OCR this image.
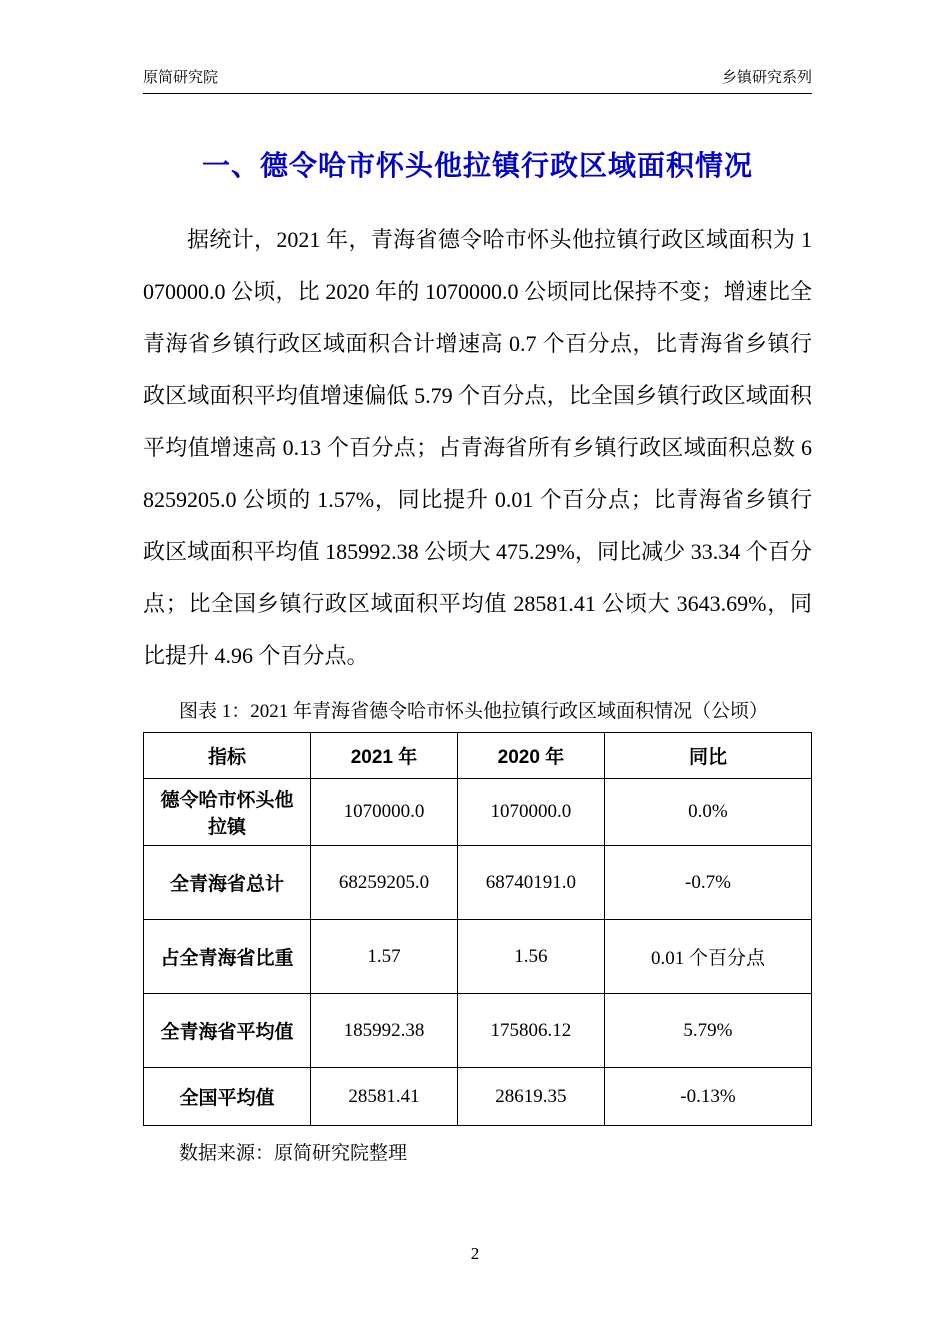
原简研究院	乡镇研究系列
一、德令哈市怀头他拉镇行政区域面积情况

据统计，2021 年，青海省德令哈市怀头他拉镇行政区域面积为 1070000.0 公顷，比 2020 年的 1070000.0 公顷同比保持不变；增速比全青海省乡镇行政区域面积合计增速高 0.7 个百分点，比青海省乡镇行政区域面积平均值增速偏低 5.79 个百分点，比全国乡镇行政区域面积平均值增速高 0.13 个百分点；占青海省所有乡镇行政区域面积总数 68259205.0 公顷的 1.57%，同比提升 0.01 个百分点；比青海省乡镇行政区域面积平均值 185992.38 公顷大 475.29%，同比减少 33.34 个百分点；比全国乡镇行政区域面积平均值 28581.41 公顷大 3643.69%，同比提升 4.96 个百分点。

图表 1：2021 年青海省德令哈市怀头他拉镇行政区域面积情况（公顷）
指标	2021 年	2020 年	同比
德令哈市怀头他拉镇	1070000.0	1070000.0	0.0%
全青海省总计	68259205.0	68740191.0	-0.7%
占全青海省比重	1.57	1.56	0.01 个百分点
全青海省平均值	185992.38	175806.12	5.79%
全国平均值	28581.41	28619.35	-0.13%
数据来源：原简研究院整理
2
